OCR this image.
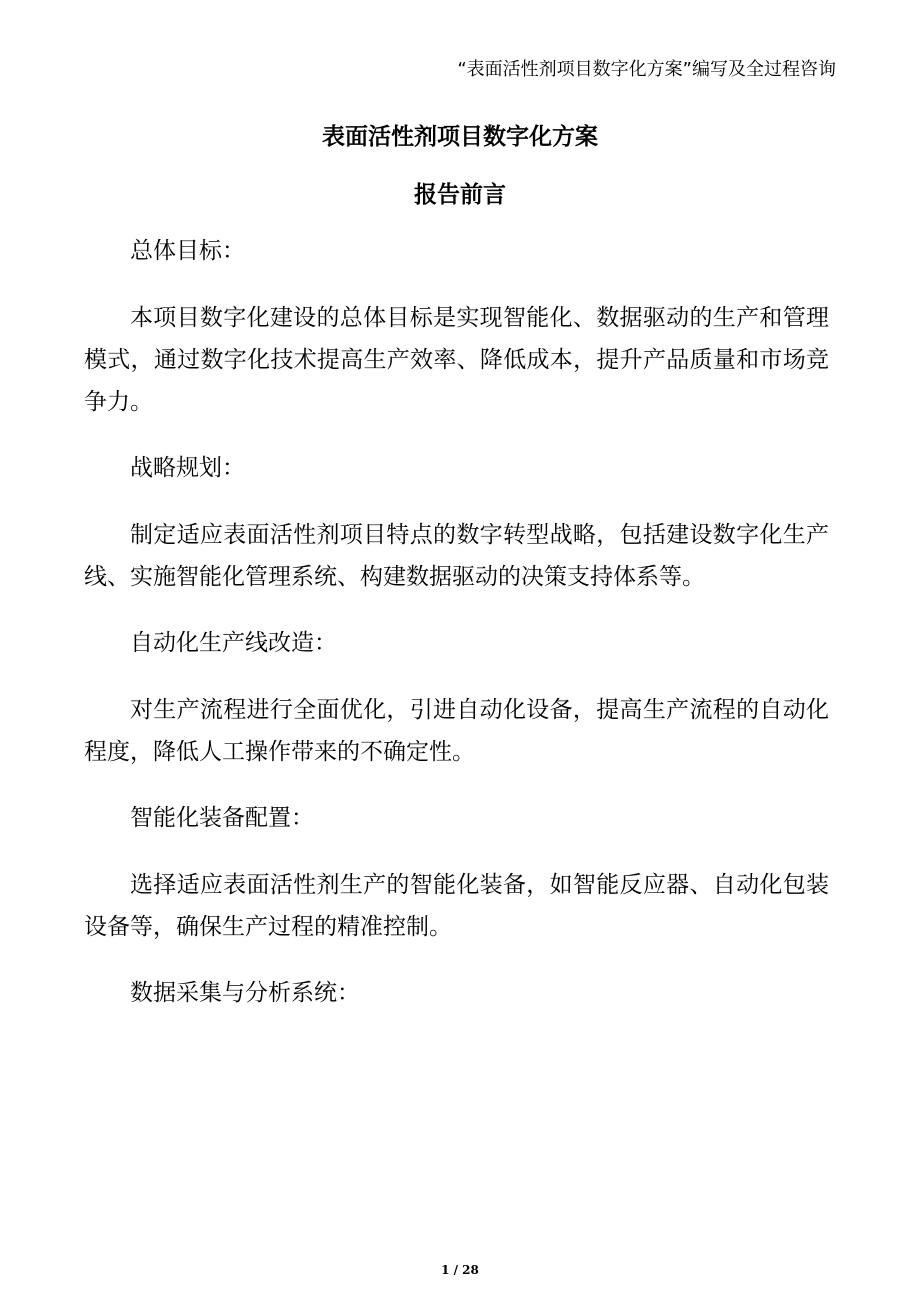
“表面活性剂项目数字化方案”编写及全过程咨询
表面活性剂项目数字化方案
报告前言

总体目标：

本项目数字化建设的总体目标是实现智能化、数据驱动的生产和管理模式，通过数字化技术提高生产效率、降低成本，提升产品质量和市场竞争力。

战略规划：

制定适应表面活性剂项目特点的数字转型战略，包括建设数字化生产线、实施智能化管理系统、构建数据驱动的决策支持体系等。

自动化生产线改造：

对生产流程进行全面优化，引进自动化设备，提高生产流程的自动化程度，降低人工操作带来的不确定性。

智能化装备配置：

选择适应表面活性剂生产的智能化装备，如智能反应器、自动化包装设备等，确保生产过程的精准控制。

数据采集与分析系统：

1 / 28
